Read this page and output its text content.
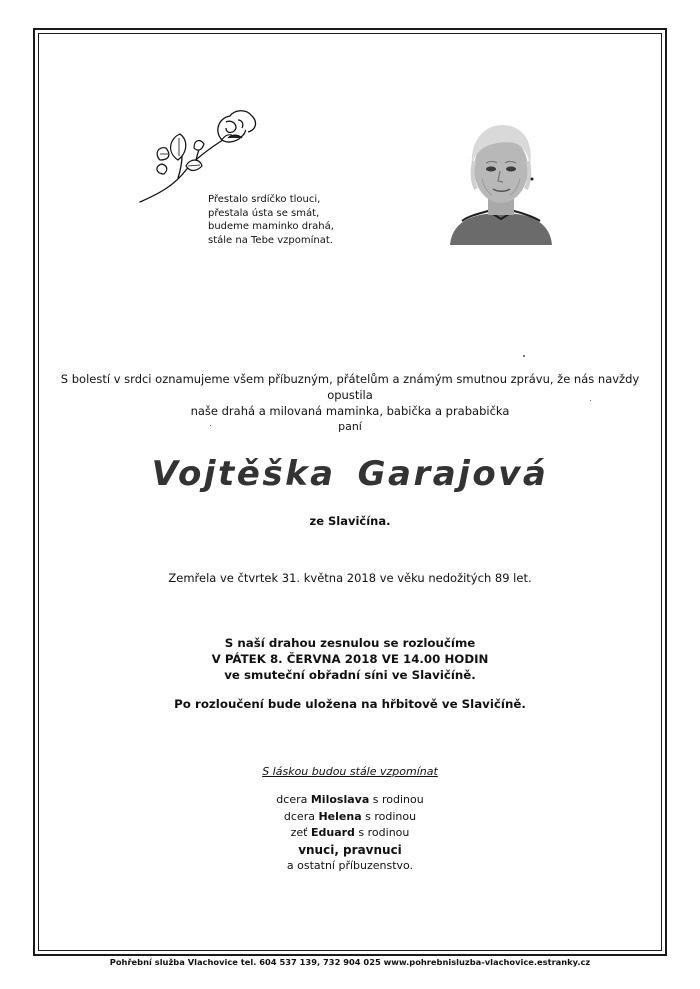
Přestalo srdíčko tlouci,
přestala ústa se smát,
budeme maminko drahá,
stále na Tebe vzpomínat.
S bolestí v srdci oznamujeme všem příbuzným, přátelům a známým smutnou zprávu, že nás navždy opustila
naše drahá a milovaná maminka, babička a prababička
paní
Vojtěška Garajová
ze Slavičína.
Zemřela ve čtvrtek 31. května 2018 ve věku nedožitých 89 let.
S naší drahou zesnulou se rozloučíme
V PÁTEK 8. ČERVNA 2018 VE 14.00 HODIN
ve smuteční obřadní síni ve Slavičíně.
Po rozloučení bude uložena na hřbitově ve Slavičíně.
S láskou budou stále vzpomínat
dcera Miloslava s rodinou
dcera Helena s rodinou
zeť Eduard s rodinou
vnuci, pravnuci
a ostatní příbuzenstvo.
Pohřební služba Vlachovice tel. 604 537 139, 732 904 025 www.pohrebnisluzba-vlachovice.estranky.cz
